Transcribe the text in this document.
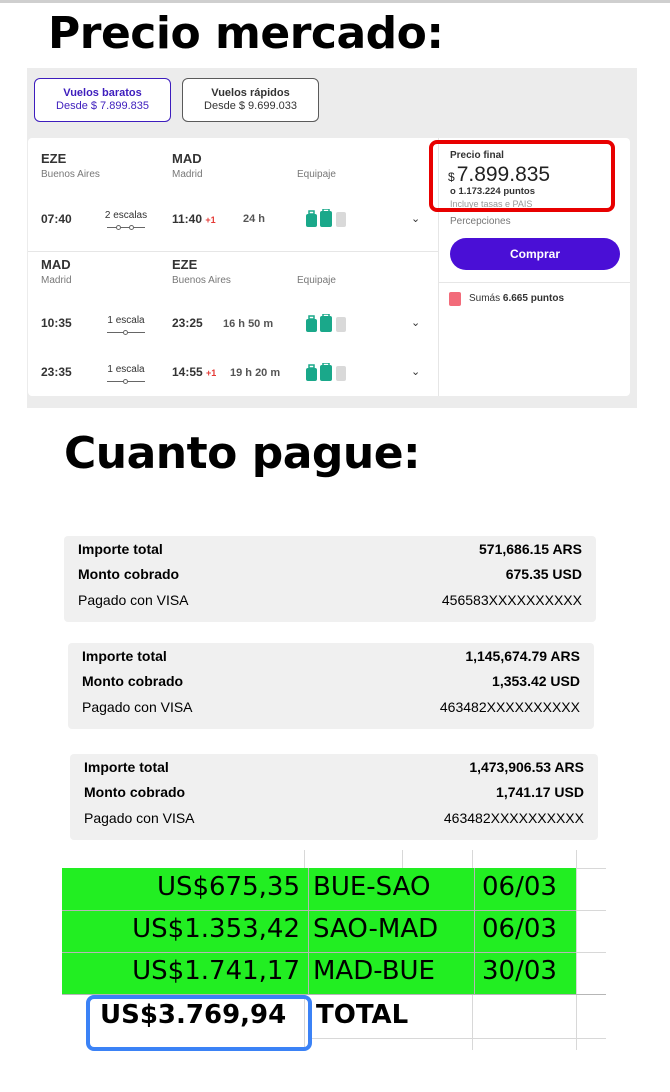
Precio mercado:
Vuelos baratos
Desde $ 7.899.835
Vuelos rápidos
Desde $ 9.699.033
EZE
Buenos Aires
MAD
Madrid	Equipaje
07:40	2 escalas	11:40 +1 24 h	⌄
MAD
Madrid
EZE
Buenos Aires	Equipaje
10:35	1 escala	23:25 16 h 50 m	⌄
23:35	1 escala	14:55 +1 19 h 20 m	⌄
Precio final
$7.899.835
o 1.173.224 puntos
Incluye tasas e PAIS
Percepciones
Comprar
Sumás 6.665 puntos
Cuanto pague:
Importe total	571,686.15 ARS
Monto cobrado	675.35 USD
Pagado con VISA	456583XXXXXXXXXX
Importe total	1,145,674.79 ARS
Monto cobrado	1,353.42 USD
Pagado con VISA	463482XXXXXXXXXX
Importe total	1,473,906.53 ARS
Monto cobrado	1,741.17 USD
Pagado con VISA	463482XXXXXXXXXX
US$675,35 BUE-SAO 06/03
US$1.353,42 SAO-MAD 06/03
US$1.741,17 MAD-BUE 30/03
US$3.769,94 TOTAL
